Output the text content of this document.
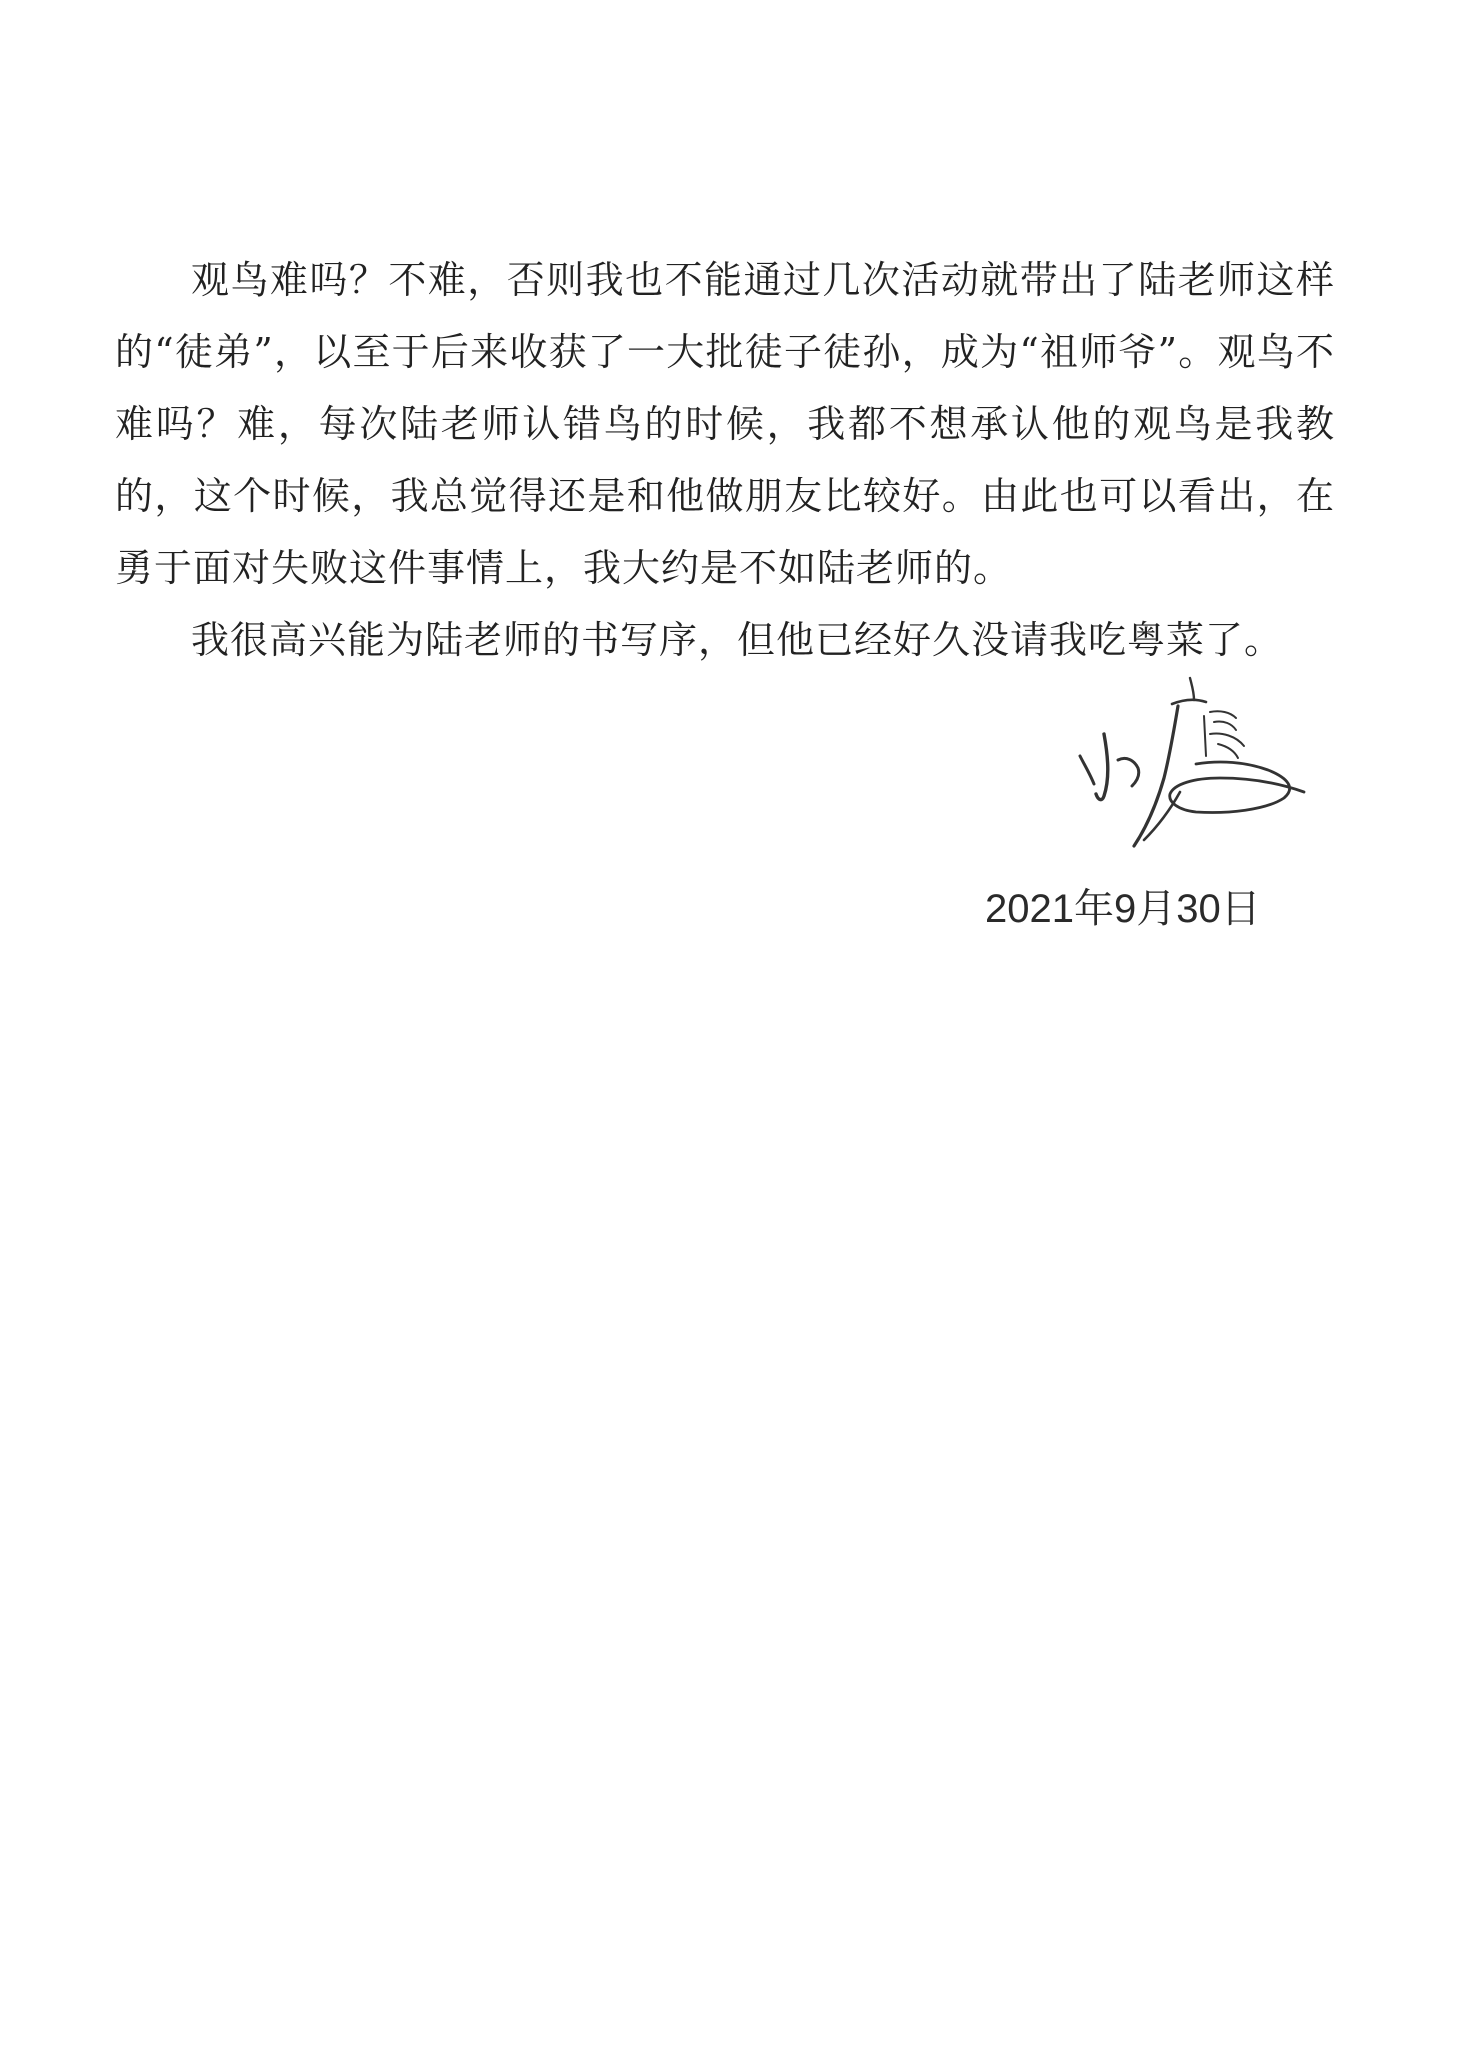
观鸟难吗？不难，否则我也不能通过几次活动就带出了陆老师这样的“徒弟”，以至于后来收获了一大批徒子徒孙，成为“祖师爷”。观鸟不难吗？难，每次陆老师认错鸟的时候，我都不想承认他的观鸟是我教的，这个时候，我总觉得还是和他做朋友比较好。由此也可以看出，在勇于面对失败这件事情上，我大约是不如陆老师的。

我很高兴能为陆老师的书写序，但他已经好久没请我吃粤菜了。

2021年9月30日
